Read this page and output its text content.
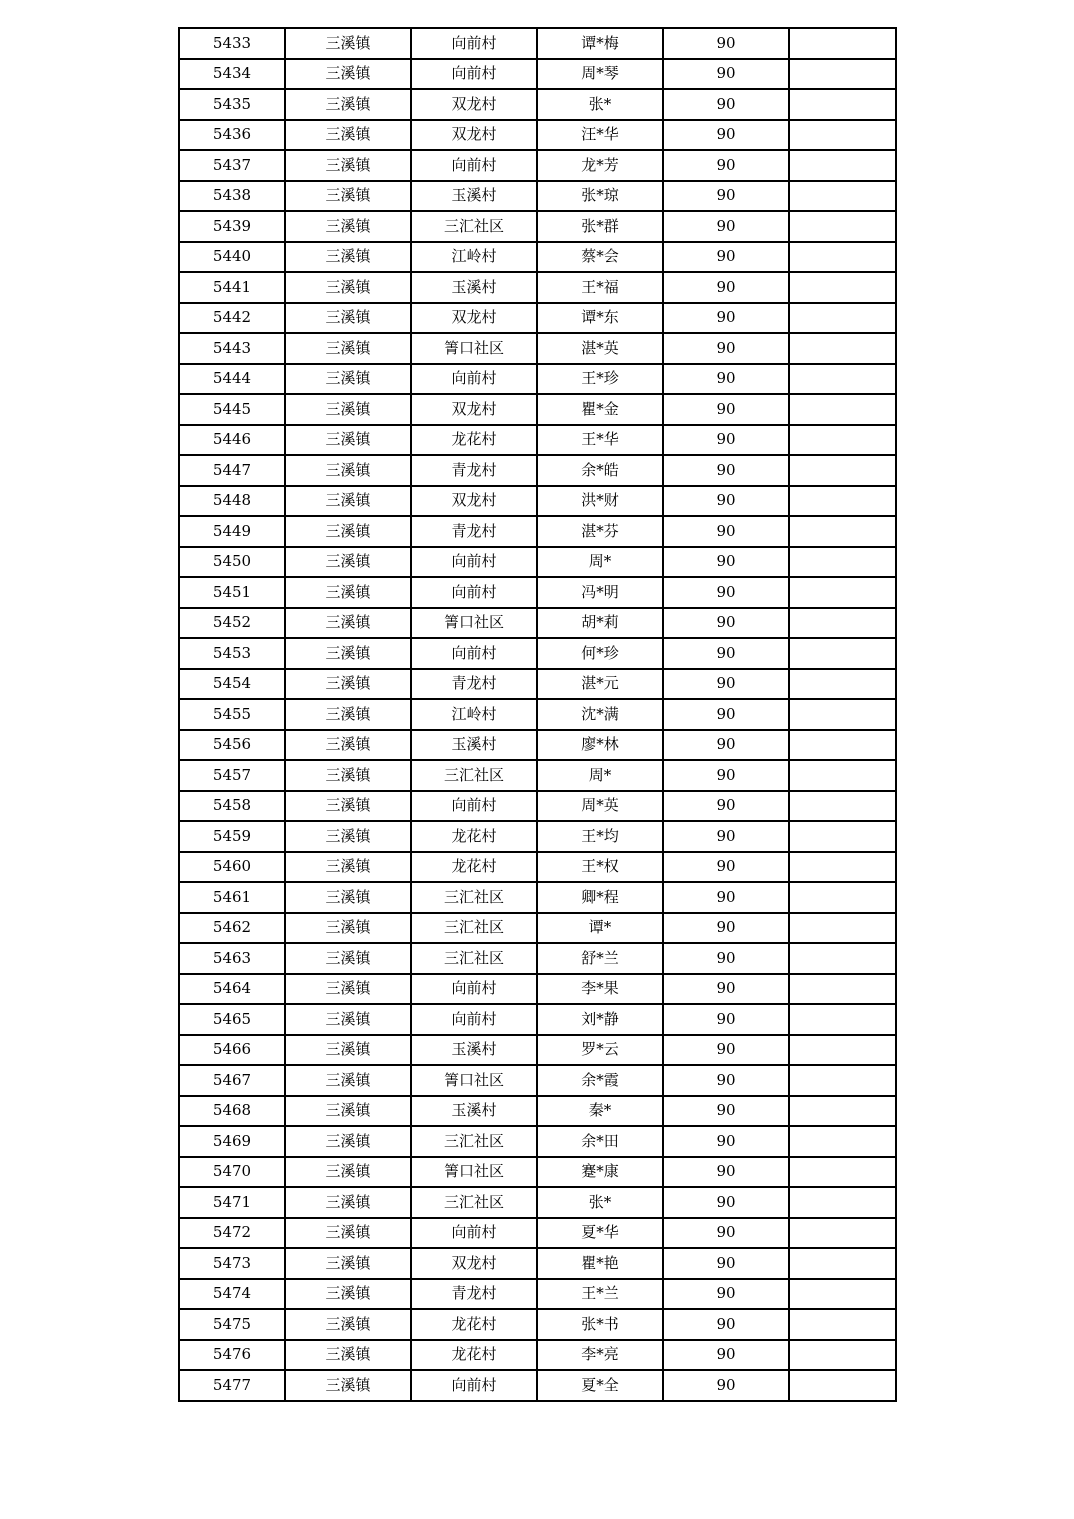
5433	三溪镇	向前村	谭*梅	90	
5434	三溪镇	向前村	周*琴	90	
5435	三溪镇	双龙村	张*	90	
5436	三溪镇	双龙村	汪*华	90	
5437	三溪镇	向前村	龙*芳	90	
5438	三溪镇	玉溪村	张*琼	90	
5439	三溪镇	三汇社区	张*群	90	
5440	三溪镇	江岭村	蔡*会	90	
5441	三溪镇	玉溪村	王*福	90	
5442	三溪镇	双龙村	谭*东	90	
5443	三溪镇	箐口社区	湛*英	90	
5444	三溪镇	向前村	王*珍	90	
5445	三溪镇	双龙村	瞿*金	90	
5446	三溪镇	龙花村	王*华	90	
5447	三溪镇	青龙村	余*皓	90	
5448	三溪镇	双龙村	洪*财	90	
5449	三溪镇	青龙村	湛*芬	90	
5450	三溪镇	向前村	周*	90	
5451	三溪镇	向前村	冯*明	90	
5452	三溪镇	箐口社区	胡*莉	90	
5453	三溪镇	向前村	何*珍	90	
5454	三溪镇	青龙村	湛*元	90	
5455	三溪镇	江岭村	沈*满	90	
5456	三溪镇	玉溪村	廖*林	90	
5457	三溪镇	三汇社区	周*	90	
5458	三溪镇	向前村	周*英	90	
5459	三溪镇	龙花村	王*均	90	
5460	三溪镇	龙花村	王*权	90	
5461	三溪镇	三汇社区	卿*程	90	
5462	三溪镇	三汇社区	谭*	90	
5463	三溪镇	三汇社区	舒*兰	90	
5464	三溪镇	向前村	李*果	90	
5465	三溪镇	向前村	刘*静	90	
5466	三溪镇	玉溪村	罗*云	90	
5467	三溪镇	箐口社区	余*霞	90	
5468	三溪镇	玉溪村	秦*	90	
5469	三溪镇	三汇社区	余*田	90	
5470	三溪镇	箐口社区	蹇*康	90	
5471	三溪镇	三汇社区	张*	90	
5472	三溪镇	向前村	夏*华	90	
5473	三溪镇	双龙村	瞿*艳	90	
5474	三溪镇	青龙村	王*兰	90	
5475	三溪镇	龙花村	张*书	90	
5476	三溪镇	龙花村	李*亮	90	
5477	三溪镇	向前村	夏*全	90	
